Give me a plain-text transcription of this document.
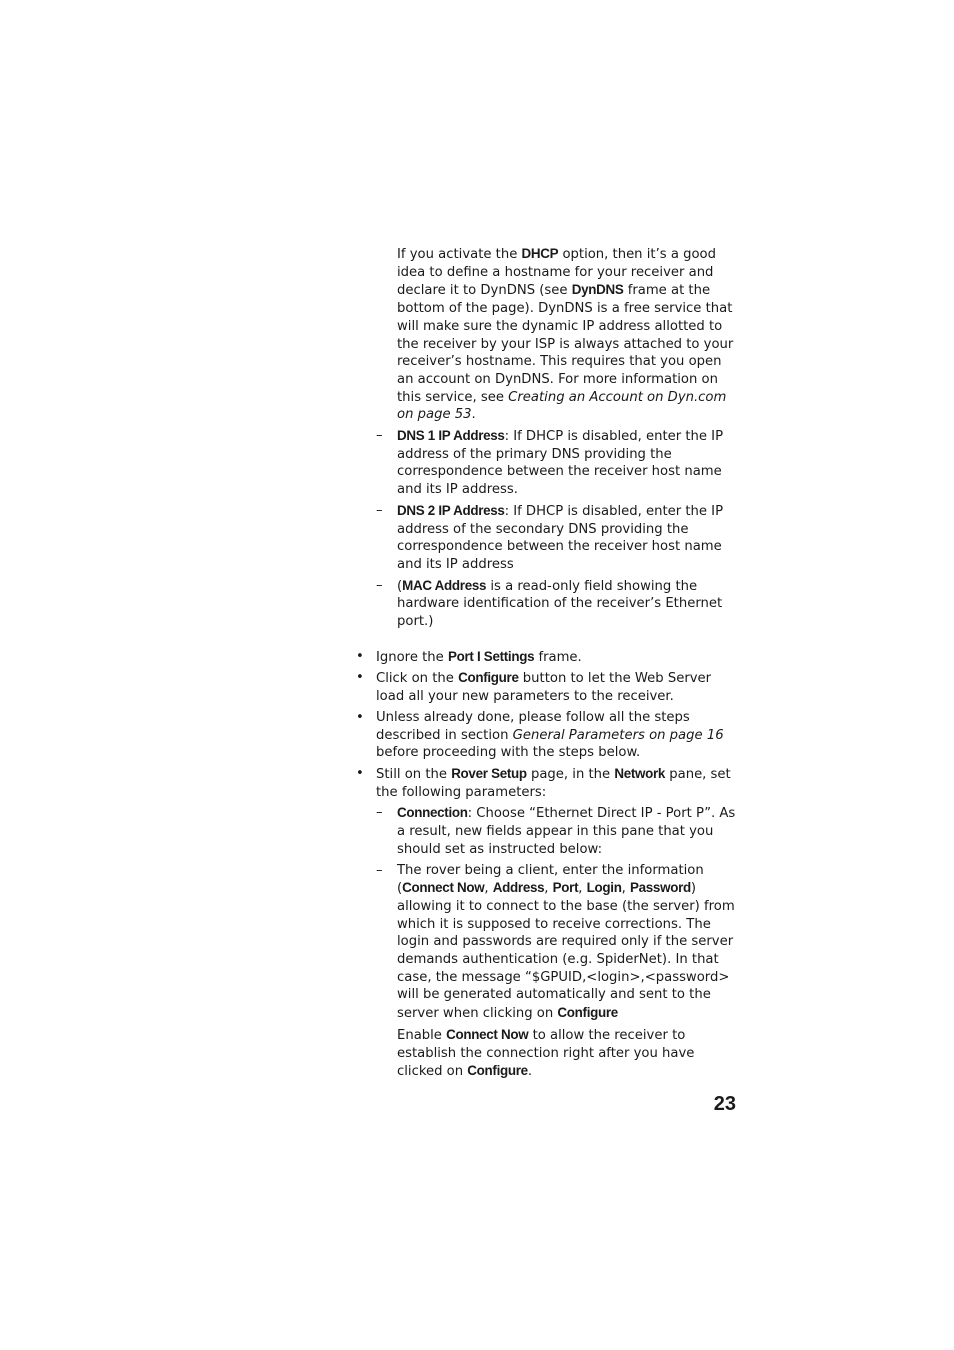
If you activate the DHCP option, then it’s a good idea to define a hostname for your receiver and declare it to DynDNS (see DynDNS frame at the bottom of the page). DynDNS is a free service that will make sure the dynamic IP address allotted to the receiver by your ISP is always attached to your receiver’s hostname. This requires that you open an account on DynDNS. For more information on this service, see Creating an Account on Dyn.com on page 53.

– DNS 1 IP Address: If DHCP is disabled, enter the IP address of the primary DNS providing the correspondence between the receiver host name and its IP address.

– DNS 2 IP Address: If DHCP is disabled, enter the IP address of the secondary DNS providing the correspondence between the receiver host name and its IP address

– (MAC Address is a read-only field showing the hardware identification of the receiver’s Ethernet port.)

• Ignore the Port I Settings frame.

• Click on the Configure button to let the Web Server load all your new parameters to the receiver.

• Unless already done, please follow all the steps described in section General Parameters on page 16 before proceeding with the steps below.

• Still on the Rover Setup page, in the Network pane, set the following parameters:

– Connection: Choose “Ethernet Direct IP - Port P”. As a result, new fields appear in this pane that you should set as instructed below:

– The rover being a client, enter the information (Connect Now, Address, Port, Login, Password) allowing it to connect to the base (the server) from which it is supposed to receive corrections. The login and passwords are required only if the server demands authentication (e.g. SpiderNet). In that case, the message “$GPUID,<login>,<password> will be generated automatically and sent to the server when clicking on Configure

Enable Connect Now to allow the receiver to establish the connection right after you have clicked on Configure.

23
